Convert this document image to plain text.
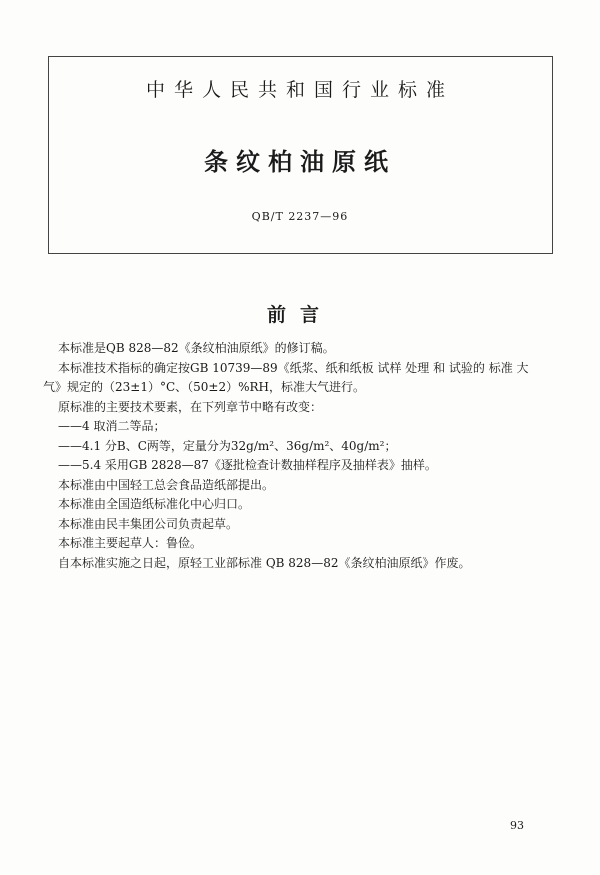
中华人民共和国行业标准
条纹柏油原纸
QB/T 2237—96
前言

本标准是QB 828—82《条纹柏油原纸》的修订稿。

本标准技术指标的确定按GB 10739—89《纸浆、纸和纸板 试样 处理 和 试验的 标准 大

气》规定的（23±1）°C、（50±2）%RH，标准大气进行。

原标准的主要技术要素，在下列章节中略有改变：

——4 取消二等品；

——4.1 分B、C两等，定量分为32g/m²、36g/m²、40g/m²；

——5.4 采用GB 2828—87《逐批检查计数抽样程序及抽样表》抽样。

本标准由中国轻工总会食品造纸部提出。

本标准由全国造纸标准化中心归口。

本标准由民丰集团公司负责起草。

本标准主要起草人：鲁俭。

自本标准实施之日起，原轻工业部标准 QB 828—82《条纹柏油原纸》作废。

93
